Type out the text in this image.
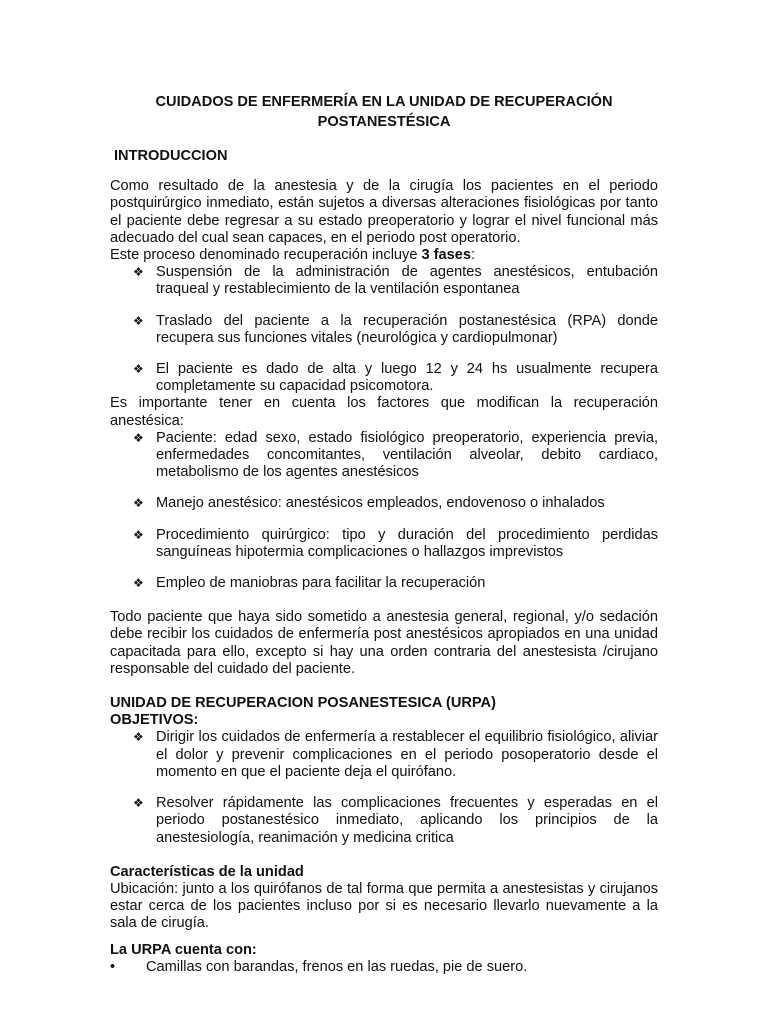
CUIDADOS DE ENFERMERÍA EN LA UNIDAD DE RECUPERACIÓN
POSTANESTÉSICA
INTRODUCCION

Como resultado de la anestesia y de la cirugía los pacientes en el periodo postquirúrgico inmediato, están sujetos a diversas alteraciones fisiológicas por tanto el paciente debe regresar a su estado preoperatorio y lograr el nivel funcional más adecuado del cual sean capaces, en el periodo post operatorio.

Este proceso denominado recuperación incluye 3 fases:

❖ Suspensión de la administración de agentes anestésicos, entubación traqueal y restablecimiento de la ventilación espontanea
❖ Traslado del paciente a la recuperación postanestésica (RPA) donde recupera sus funciones vitales (neurológica y cardiopulmonar)
❖ El paciente es dado de alta y luego 12 y 24 hs usualmente recupera completamente su capacidad psicomotora.

Es importante tener en cuenta los factores que modifican la recuperación anestésica:

❖ Paciente: edad sexo, estado fisiológico preoperatorio, experiencia previa, enfermedades concomitantes, ventilación alveolar, debito cardiaco, metabolismo de los agentes anestésicos
❖ Manejo anestésico: anestésicos empleados, endovenoso o inhalados
❖ Procedimiento quirúrgico: tipo y duración del procedimiento perdidas sanguíneas hipotermia complicaciones o hallazgos imprevistos
❖ Empleo de maniobras para facilitar la recuperación

Todo paciente que haya sido sometido a anestesia general, regional, y/o sedación debe recibir los cuidados de enfermería post anestésicos apropiados en una unidad capacitada para ello, excepto si hay una orden contraria del anestesista /cirujano responsable del cuidado del paciente.

UNIDAD DE RECUPERACION POSANESTESICA (URPA)
OBJETIVOS:
❖ Dirigir los cuidados de enfermería a restablecer el equilibrio fisiológico, aliviar el dolor y prevenir complicaciones en el periodo posoperatorio desde el momento en que el paciente deja el quirófano.
❖ Resolver rápidamente las complicaciones frecuentes y esperadas en el periodo postanestésico inmediato, aplicando los principios de la anestesiología, reanimación y medicina critica
Características de la unidad

Ubicación: junto a los quirófanos de tal forma que permita a anestesistas y cirujanos estar cerca de los pacientes incluso por si es necesario llevarlo nuevamente a la sala de cirugía.

La URPA cuenta con:
• Camillas con barandas, frenos en las ruedas, pie de suero.
